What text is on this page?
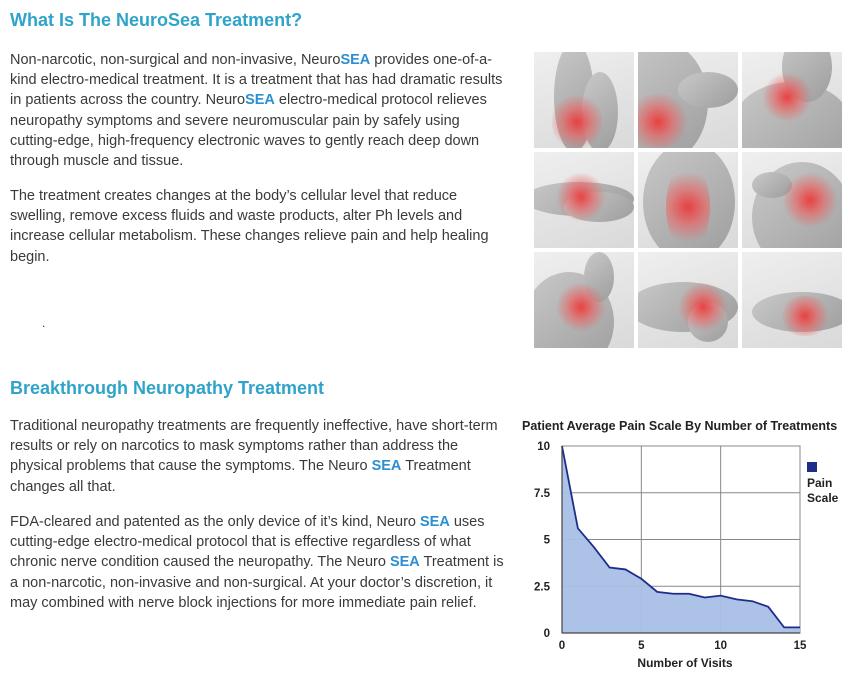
What Is The NeuroSea Treatment?

Non-narcotic, non-surgical and non-invasive, NeuroSEA provides one-of-a-kind electro-medical treatment. It is a treatment that has had dramatic results in patients across the country. NeuroSEA electro-medical protocol relieves neuropathy symptoms and severe neuromuscular pain by safely using cutting-edge, high-frequency electronic waves to gently reach deep down through muscle and tissue.

The treatment creates changes at the body’s cellular level that reduce swelling, remove excess fluids and waste products, alter Ph levels and increase cellular metabolism. These changes relieve pain and help healing begin.

.
Breakthrough Neuropathy Treatment

Traditional neuropathy treatments are frequently ineffective, have short-term results or rely on narcotics to mask symptoms rather than address the physical problems that cause the symptoms. The Neuro SEA Treatment changes all that.

FDA-cleared and patented as the only device of it’s kind, Neuro SEA uses cutting-edge electro-medical protocol that is effective regardless of what chronic nerve condition caused the neuropathy. The Neuro SEA Treatment is a non-narcotic, non-invasive and non-surgical. At your doctor’s discretion, it may combined with nerve block injections for more immediate pain relief.

Patient Average Pain Scale By Number of Treatments
0
2.5
5
7.5
10
0	5	10	15
Number of Visits
Pain
Scale
